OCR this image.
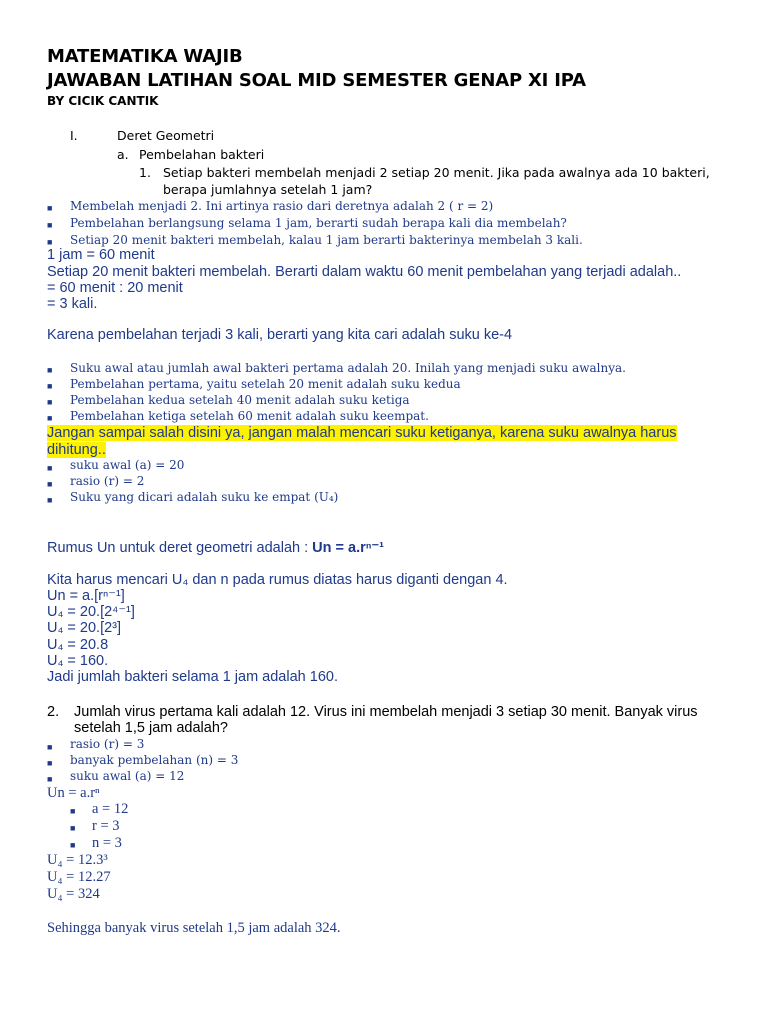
MATEMATIKA WAJIB
JAWABAN LATIHAN SOAL MID SEMESTER GENAP XI IPA
BY CICIK CANTIK
I.	Deret Geometri
a. Pembelahan bakteri
1. Setiap bakteri membelah menjadi 2 setiap 20 menit. Jika pada awalnya ada 10 bakteri,
berapa jumlahnya setelah 1 jam?
■ Membelah menjadi 2. Ini artinya rasio dari deretnya adalah 2 ( r = 2)
■ Pembelahan berlangsung selama 1 jam, berarti sudah berapa kali dia membelah?
■ Setiap 20 menit bakteri membelah, kalau 1 jam berarti bakterinya membelah 3 kali.
1 jam = 60 menit
Setiap 20 menit bakteri membelah. Berarti dalam waktu 60 menit pembelahan yang terjadi adalah..
= 60 menit : 20 menit
= 3 kali.
Karena pembelahan terjadi 3 kali, berarti yang kita cari adalah suku ke-4
■ Suku awal atau jumlah awal bakteri pertama adalah 20. Inilah yang menjadi suku awalnya.
■ Pembelahan pertama, yaitu setelah 20 menit adalah suku kedua
■ Pembelahan kedua setelah 40 menit adalah suku ketiga
■ Pembelahan ketiga setelah 60 menit adalah suku keempat.
Jangan sampai salah disini ya, jangan malah mencari suku ketiganya, karena suku awalnya harus
dihitung..
■ suku awal (a) = 20
■ rasio (r) = 2
■ Suku yang dicari adalah suku ke empat (U₄)
Rumus Un untuk deret geometri adalah : Un = a.rⁿ⁻¹
Kita harus mencari U₄ dan n pada rumus diatas harus diganti dengan 4.
Un = a.[rⁿ⁻¹]
U₄ = 20.[2⁴⁻¹]
U₄ = 20.[2³]
U₄ = 20.8
U₄ = 160.
Jadi jumlah bakteri selama 1 jam adalah 160.
2. Jumlah virus pertama kali adalah 12. Virus ini membelah menjadi 3 setiap 30 menit. Banyak virus
setelah 1,5 jam adalah?
■ rasio (r) = 3
■ banyak pembelahan (n) = 3
■ suku awal (a) = 12
Un = a.rⁿ
■ a = 12
■ r = 3
■ n = 3
U₄ = 12.3³
U₄ = 12.27
U₄ = 324
Sehingga banyak virus setelah 1,5 jam adalah 324.
